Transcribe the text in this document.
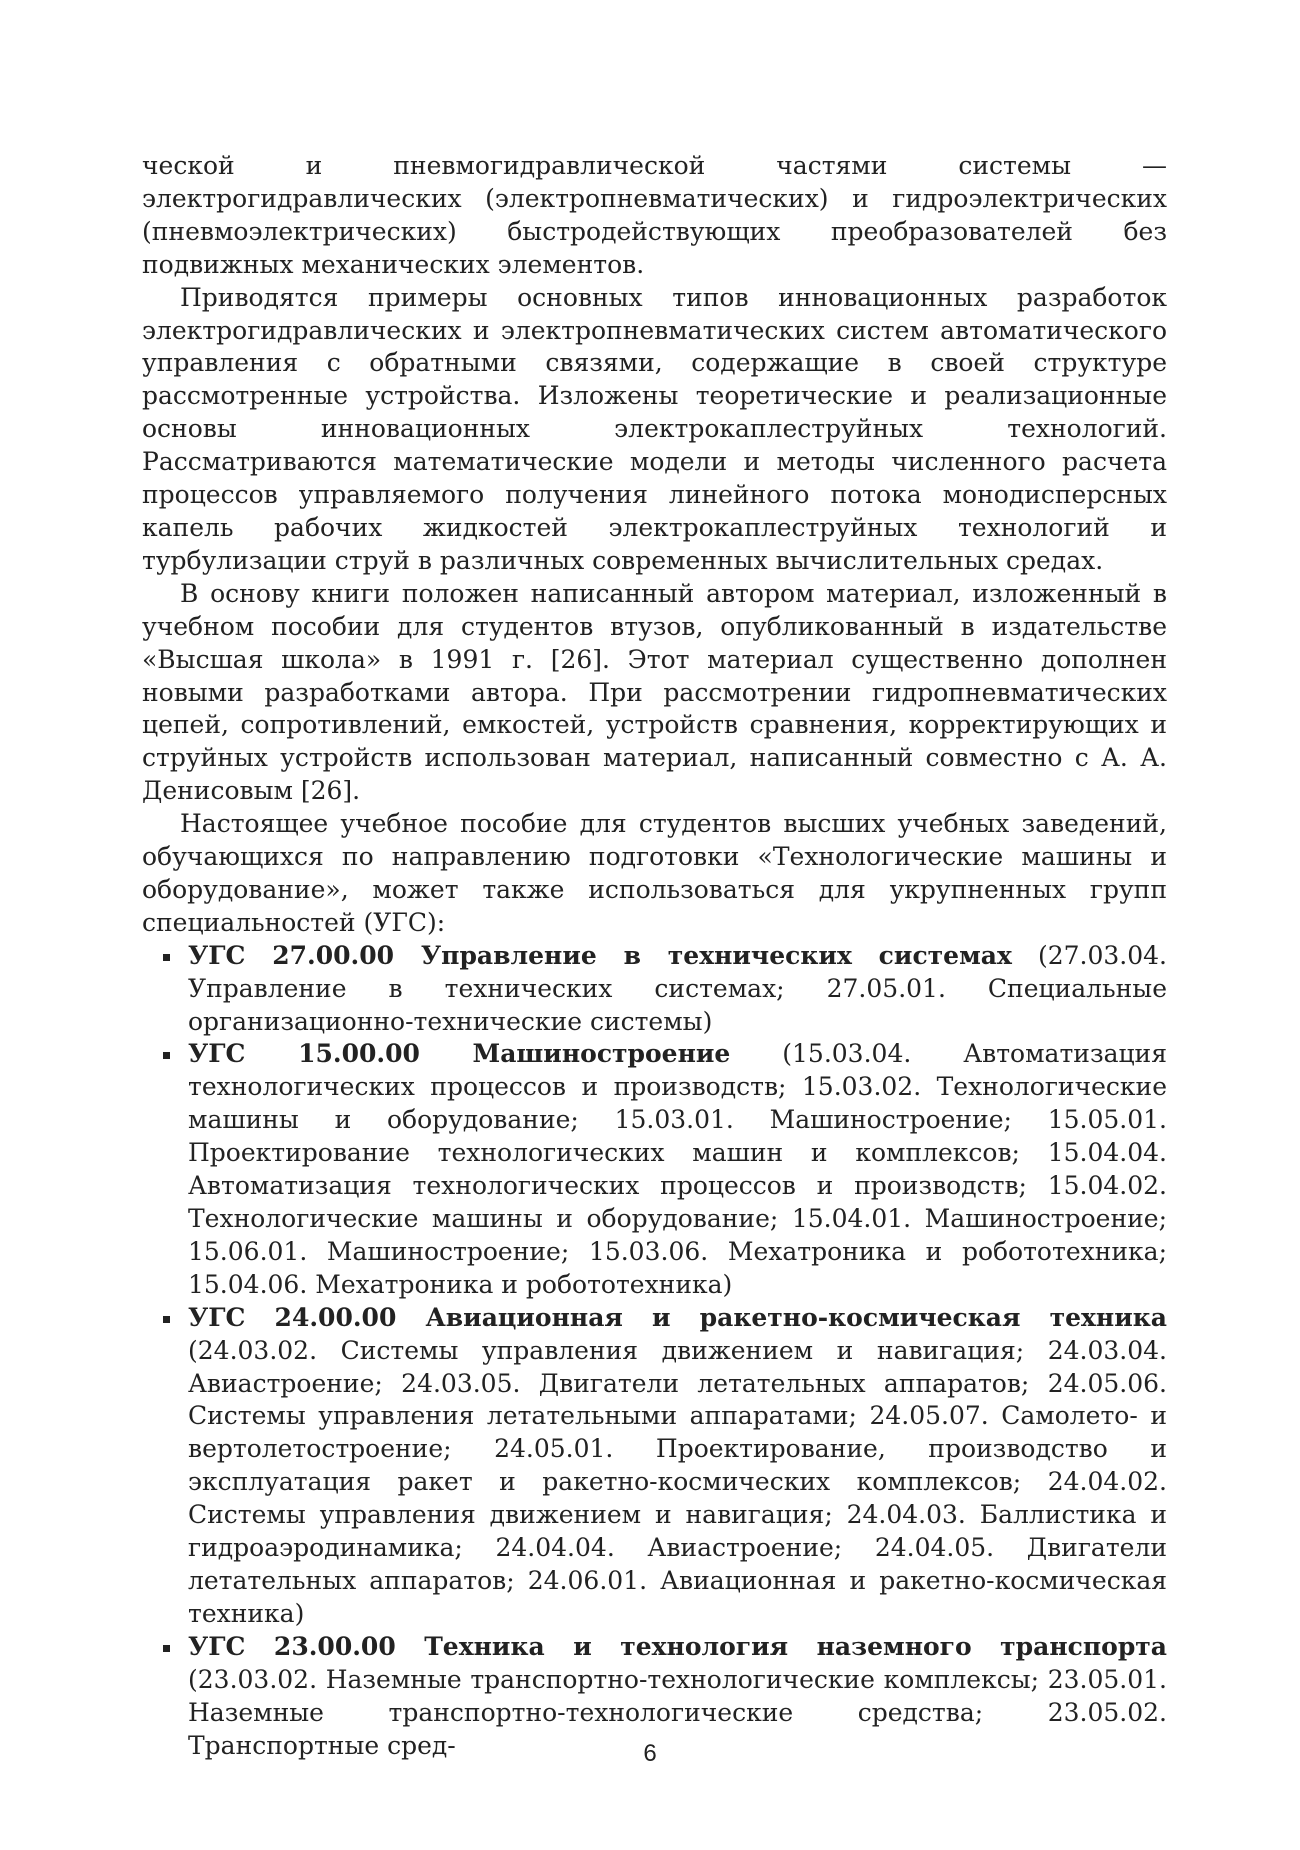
ческой и пневмогидравлической частями системы — электрогидравлических (электропневматических) и гидроэлектрических (пневмоэлектрических) быстродействующих преобразователей без подвижных механических элементов.

Приводятся примеры основных типов инновационных разработок электрогидравлических и электропневматических систем автоматического управления с обратными связями, содержащие в своей структуре рассмотренные устройства. Изложены теоретические и реализационные основы инновационных электрокаплеструйных технологий. Рассматриваются математические модели и методы численного расчета процессов управляемого получения линейного потока монодисперсных капель рабочих жидкостей электрокаплеструйных технологий и турбулизации струй в различных современных вычислительных средах.

В основу книги положен написанный автором материал, изложенный в учебном пособии для студентов втузов, опубликованный в издательстве «Высшая школа» в 1991 г. [26]. Этот материал существенно дополнен новыми разработками автора. При рассмотрении гидропневматических цепей, сопротивлений, емкостей, устройств сравнения, корректирующих и струйных устройств использован материал, написанный совместно с А. А. Денисовым [26].

Настоящее учебное пособие для студентов высших учебных заведений, обучающихся по направлению подготовки «Технологические машины и оборудование», может также использоваться для укрупненных групп специальностей (УГС):

УГС 27.00.00 Управление в технических системах (27.03.04. Управление в технических системах; 27.05.01. Специальные организационно-технические системы)
УГС 15.00.00 Машиностроение (15.03.04. Автоматизация технологических процессов и производств; 15.03.02. Технологические машины и оборудование; 15.03.01. Машиностроение; 15.05.01. Проектирование технологических машин и комплексов; 15.04.04. Автоматизация технологических процессов и производств; 15.04.02. Технологические машины и оборудование; 15.04.01. Машиностроение; 15.06.01. Машиностроение; 15.03.06. Мехатроника и робототехника; 15.04.06. Мехатроника и робототехника)
УГС 24.00.00 Авиационная и ракетно-космическая техника (24.03.02. Системы управления движением и навигация; 24.03.04. Авиастроение; 24.03.05. Двигатели летательных аппаратов; 24.05.06. Системы управления летательными аппаратами; 24.05.07. Самолето- и вертолетостроение; 24.05.01. Проектирование, производство и эксплуатация ракет и ракетно-космических комплексов; 24.04.02. Системы управления движением и навигация; 24.04.03. Баллистика и гидроаэродинамика; 24.04.04. Авиастроение; 24.04.05. Двигатели летательных аппаратов; 24.06.01. Авиационная и ракетно-космическая техника)
УГС 23.00.00 Техника и технология наземного транспорта (23.03.02. Наземные транспортно-технологические комплексы; 23.05.01. Наземные транспортно-технологические средства; 23.05.02. Транспортные сред-	6
